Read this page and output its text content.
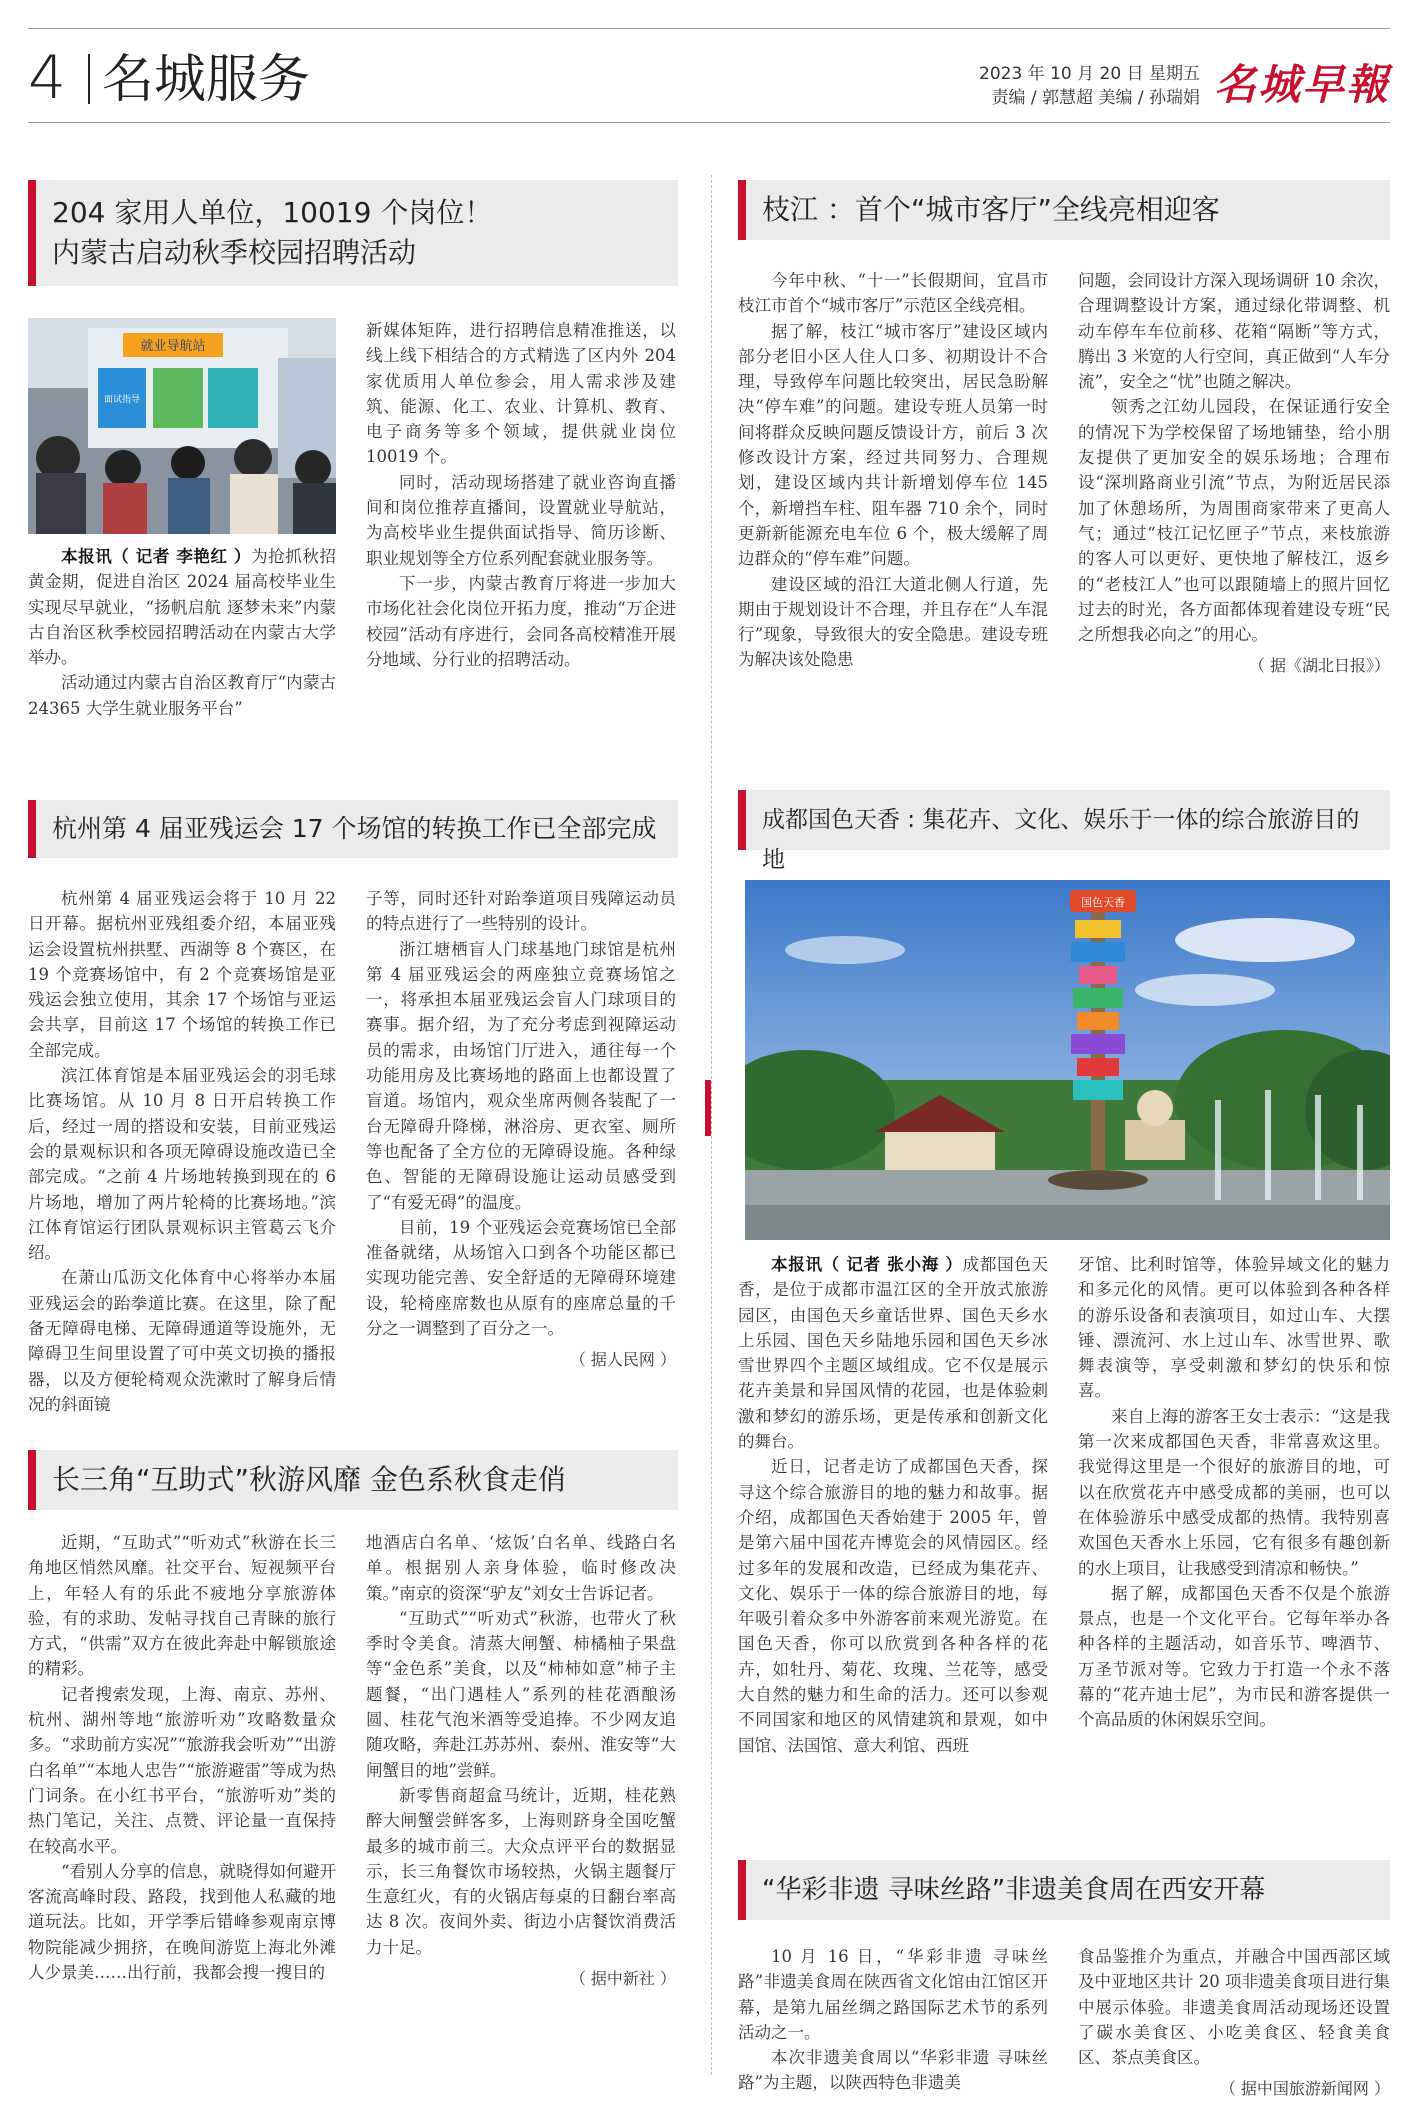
4 名城服务	2023 年 10 月 20 日 星期五
责编 / 郭慧超 美编 / 孙瑞娟 名城早報
204 家用人单位，10019 个岗位！
内蒙古启动秋季校园招聘活动
就业导航站
面试指导

本报讯（ 记者 李艳红 ）为抢抓秋招黄金期，促进自治区 2024 届高校毕业生实现尽早就业，“扬帆启航 逐梦未来”内蒙古自治区秋季校园招聘活动在内蒙古大学举办。

活动通过内蒙古自治区教育厅“内蒙古 24365 大学生就业服务平台”

新媒体矩阵，进行招聘信息精准推送，以线上线下相结合的方式精选了区内外 204 家优质用人单位参会，用人需求涉及建筑、能源、化工、农业、计算机、教育、电子商务等多个领域，提供就业岗位 10019 个。

同时，活动现场搭建了就业咨询直播间和岗位推荐直播间，设置就业导航站，为高校毕业生提供面试指导、简历诊断、职业规划等全方位系列配套就业服务等。

下一步，内蒙古教育厅将进一步加大市场化社会化岗位开拓力度，推动“万企进校园”活动有序进行，会同各高校精准开展分地域、分行业的招聘活动。

杭州第 4 届亚残运会 17 个场馆的转换工作已全部完成

杭州第 4 届亚残运会将于 10 月 22 日开幕。据杭州亚残组委介绍，本届亚残运会设置杭州拱墅、西湖等 8 个赛区，在 19 个竞赛场馆中，有 2 个竞赛场馆是亚残运会独立使用，其余 17 个场馆与亚运会共享，目前这 17 个场馆的转换工作已全部完成。

滨江体育馆是本届亚残运会的羽毛球比赛场馆。从 10 月 8 日开启转换工作后，经过一周的搭设和安装，目前亚残运会的景观标识和各项无障碍设施改造已全部完成。“之前 4 片场地转换到现在的 6 片场地，增加了两片轮椅的比赛场地。”滨江体育馆运行团队景观标识主管葛云飞介绍。

在萧山瓜沥文化体育中心将举办本届亚残运会的跆拳道比赛。在这里，除了配备无障碍电梯、无障碍通道等设施外，无障碍卫生间里设置了可中英文切换的播报器，以及方便轮椅观众洗漱时了解身后情况的斜面镜

子等，同时还针对跆拳道项目残障运动员的特点进行了一些特别的设计。

浙江塘栖盲人门球基地门球馆是杭州第 4 届亚残运会的两座独立竞赛场馆之一，将承担本届亚残运会盲人门球项目的赛事。据介绍，为了充分考虑到视障运动员的需求，由场馆门厅进入，通往每一个功能用房及比赛场地的路面上也都设置了盲道。场馆内，观众坐席两侧各装配了一台无障碍升降梯，淋浴房、更衣室、厕所等也配备了全方位的无障碍设施。各种绿色、智能的无障碍设施让运动员感受到了“有爱无碍”的温度。

目前，19 个亚残运会竞赛场馆已全部准备就绪，从场馆入口到各个功能区都已实现功能完善、安全舒适的无障碍环境建设，轮椅座席数也从原有的座席总量的千分之一调整到了百分之一。

（ 据人民网 ）

长三角“互助式”秋游风靡 金色系秋食走俏

近期，“互助式”“听劝式”秋游在长三角地区悄然风靡。社交平台、短视频平台上，年轻人有的乐此不疲地分享旅游体验，有的求助、发帖寻找自己青睐的旅行方式，“供需”双方在彼此奔赴中解锁旅途的精彩。

记者搜索发现，上海、南京、苏州、杭州、湖州等地“旅游听劝”攻略数量众多。“求助前方实况”“旅游我会听劝”“出游白名单”“本地人忠告”“旅游避雷”等成为热门词条。在小红书平台，“旅游听劝”类的热门笔记，关注、点赞、评论量一直保持在较高水平。

“看别人分享的信息，就晓得如何避开客流高峰时段、路段，找到他人私藏的地道玩法。比如，开学季后错峰参观南京博物院能减少拥挤，在晚间游览上海北外滩人少景美……出行前，我都会搜一搜目的

地酒店白名单、‘炫饭’白名单、线路白名单。根据别人亲身体验，临时修改决策。”南京的资深“驴友”刘女士告诉记者。

“互助式”“听劝式”秋游，也带火了秋季时令美食。清蒸大闸蟹、柿橘柚子果盘等“金色系”美食，以及“柿柿如意”柿子主题餐，“出门遇桂人”系列的桂花酒酿汤圆、桂花气泡米酒等受追捧。不少网友追随攻略，奔赴江苏苏州、泰州、淮安等“大闸蟹目的地”尝鲜。

新零售商超盒马统计，近期，桂花熟醉大闸蟹尝鲜客多，上海则跻身全国吃蟹最多的城市前三。大众点评平台的数据显示，长三角餐饮市场较热，火锅主题餐厅生意红火，有的火锅店每桌的日翻台率高达 8 次。夜间外卖、街边小店餐饮消费活力十足。

（ 据中新社 ）

枝江 ：首个“城市客厅”全线亮相迎客

今年中秋、“十一”长假期间，宜昌市枝江市首个“城市客厅”示范区全线亮相。

据了解，枝江“城市客厅”建设区域内部分老旧小区人住人口多、初期设计不合理，导致停车问题比较突出，居民急盼解决“停车难”的问题。建设专班人员第一时间将群众反映问题反馈设计方，前后 3 次修改设计方案，经过共同努力、合理规划，建设区域内共计新增划停车位 145 个，新增挡车柱、阻车器 710 余个，同时更新新能源充电车位 6 个，极大缓解了周边群众的“停车难”问题。

建设区域的沿江大道北侧人行道，先期由于规划设计不合理，并且存在“人车混行”现象，导致很大的安全隐患。建设专班为解决该处隐患

问题，会同设计方深入现场调研 10 余次，合理调整设计方案，通过绿化带调整、机动车停车车位前移、花箱“隔断”等方式，腾出 3 米宽的人行空间，真正做到“人车分流”，安全之“忧”也随之解决。

领秀之江幼儿园段，在保证通行安全的情况下为学校保留了场地铺垫，给小朋友提供了更加安全的娱乐场地；合理布设“深圳路商业引流”节点，为附近居民添加了休憩场所，为周围商家带来了更高人气；通过“枝江记忆匣子”节点，来枝旅游的客人可以更好、更快地了解枝江，返乡的“老枝江人”也可以跟随墙上的照片回忆过去的时光，各方面都体现着建设专班“民之所想我必向之”的用心。

（ 据《湖北日报》）

成都国色天香 : 集花卉、文化、娱乐于一体的综合旅游目的地
国色天香

本报讯（ 记者 张小海 ）成都国色天香，是位于成都市温江区的全开放式旅游园区，由国色天乡童话世界、国色天乡水上乐园、国色天乡陆地乐园和国色天乡冰雪世界四个主题区域组成。它不仅是展示花卉美景和异国风情的花园，也是体验刺激和梦幻的游乐场，更是传承和创新文化的舞台。

近日，记者走访了成都国色天香，探寻这个综合旅游目的地的魅力和故事。据介绍，成都国色天香始建于 2005 年，曾是第六届中国花卉博览会的风情园区。经过多年的发展和改造，已经成为集花卉、文化、娱乐于一体的综合旅游目的地，每年吸引着众多中外游客前来观光游览。在国色天香，你可以欣赏到各种各样的花卉，如牡丹、菊花、玫瑰、兰花等，感受大自然的魅力和生命的活力。还可以参观不同国家和地区的风情建筑和景观，如中国馆、法国馆、意大利馆、西班

牙馆、比利时馆等，体验异域文化的魅力和多元化的风情。更可以体验到各种各样的游乐设备和表演项目，如过山车、大摆锤、漂流河、水上过山车、冰雪世界、歌舞表演等，享受刺激和梦幻的快乐和惊喜。

来自上海的游客王女士表示：“这是我第一次来成都国色天香，非常喜欢这里。我觉得这里是一个很好的旅游目的地，可以在欣赏花卉中感受成都的美丽，也可以在体验游乐中感受成都的热情。我特别喜欢国色天香水上乐园，它有很多有趣创新的水上项目，让我感受到清凉和畅快。”

据了解，成都国色天香不仅是个旅游景点，也是一个文化平台。它每年举办各种各样的主题活动，如音乐节、啤酒节、万圣节派对等。它致力于打造一个永不落幕的“花卉迪士尼”，为市民和游客提供一个高品质的休闲娱乐空间。

“华彩非遗 寻味丝路”非遗美食周在西安开幕

10 月 16 日，“华彩非遗 寻味丝路”非遗美食周在陕西省文化馆由江馆区开幕，是第九届丝绸之路国际艺术节的系列活动之一。

本次非遗美食周以“华彩非遗 寻味丝路”为主题，以陕西特色非遗美

食品鉴推介为重点，并融合中国西部区域及中亚地区共计 20 项非遗美食项目进行集中展示体验。非遗美食周活动现场还设置了碳水美食区、小吃美食区、轻食美食区、茶点美食区。

（ 据中国旅游新闻网 ）
